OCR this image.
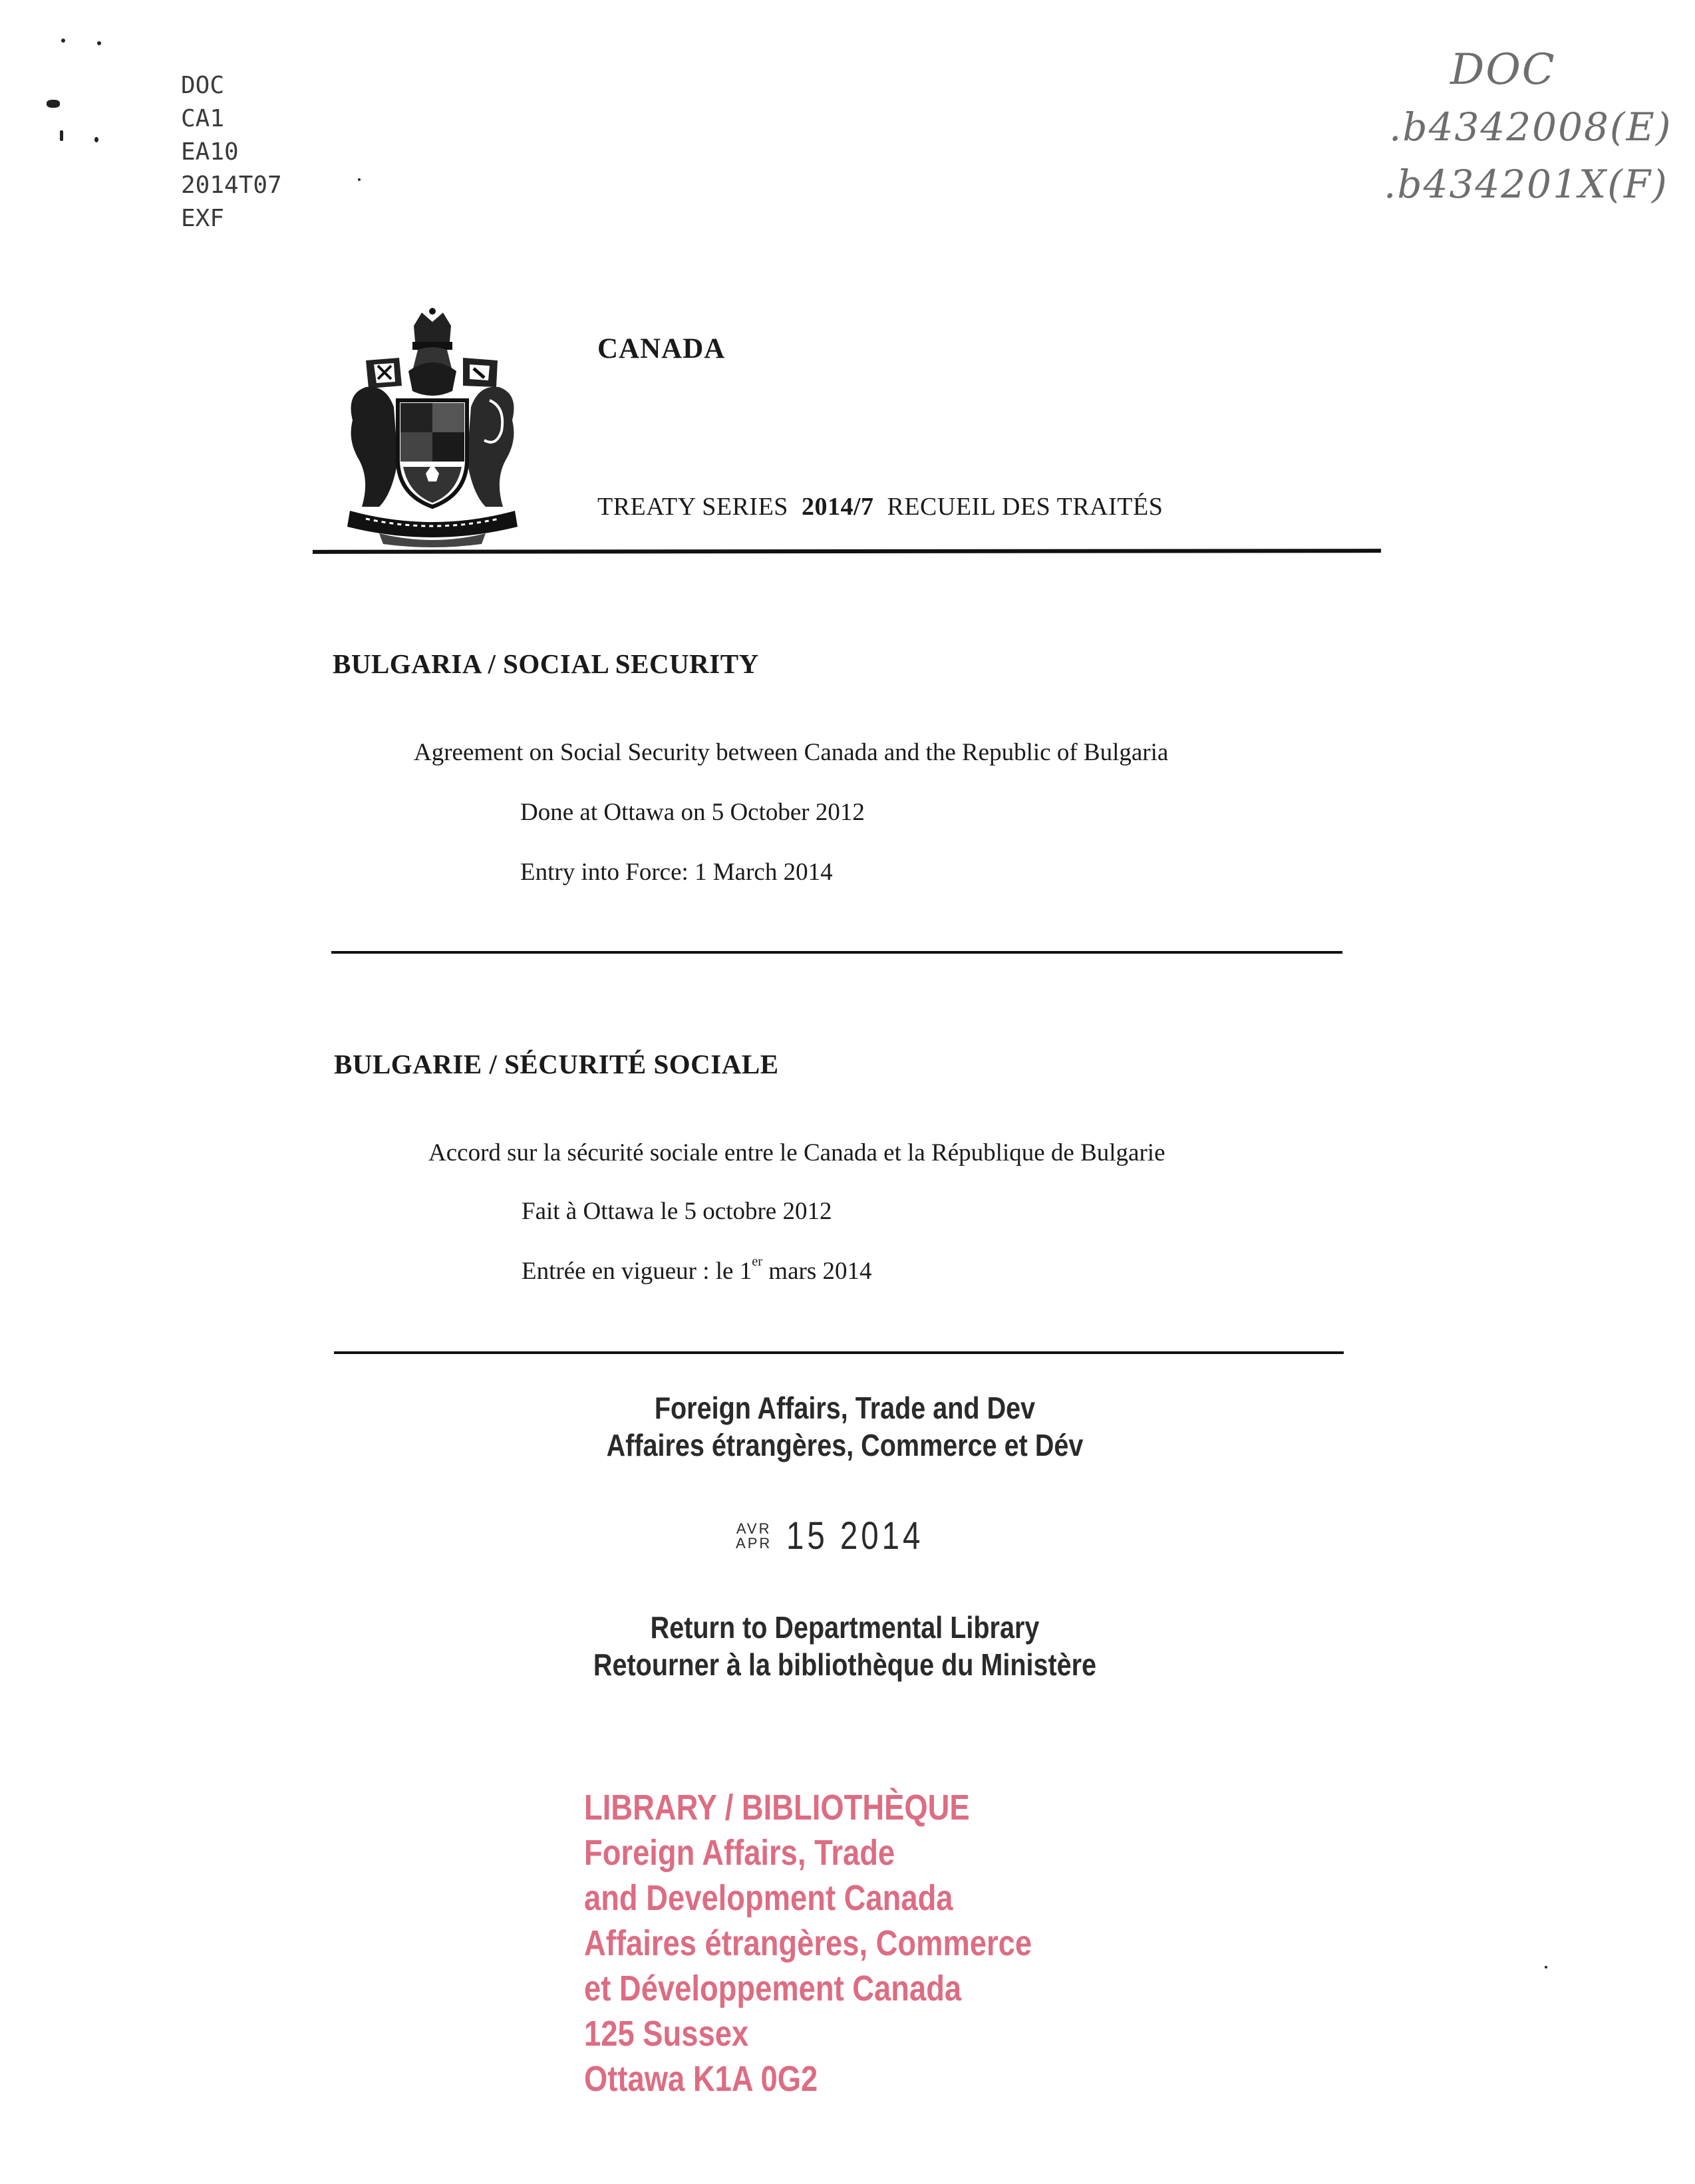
DOC
CA1
EA10
2014T07
EXF
DOC
.b4342008(E)
.b434201X(F)
CANADA
TREATY SERIES 2014/7 RECUEIL DES TRAITÉS
BULGARIA / SOCIAL SECURITY
Agreement on Social Security between Canada and the Republic of Bulgaria
Done at Ottawa on 5 October 2012
Entry into Force: 1 March 2014
BULGARIE / SÉCURITÉ SOCIALE
Accord sur la sécurité sociale entre le Canada et la République de Bulgarie
Fait à Ottawa le 5 octobre 2012
Entrée en vigueur : le 1er mars 2014
Foreign Affairs, Trade and Dev
Affaires étrangères, Commerce et Dév
AVR
APR 15 2014
Return to Departmental Library
Retourner à la bibliothèque du Ministère
LIBRARY / BIBLIOTHÈQUE
Foreign Affairs, Trade
and Development Canada
Affaires étrangères, Commerce
et Développement Canada
125 Sussex
Ottawa K1A 0G2
